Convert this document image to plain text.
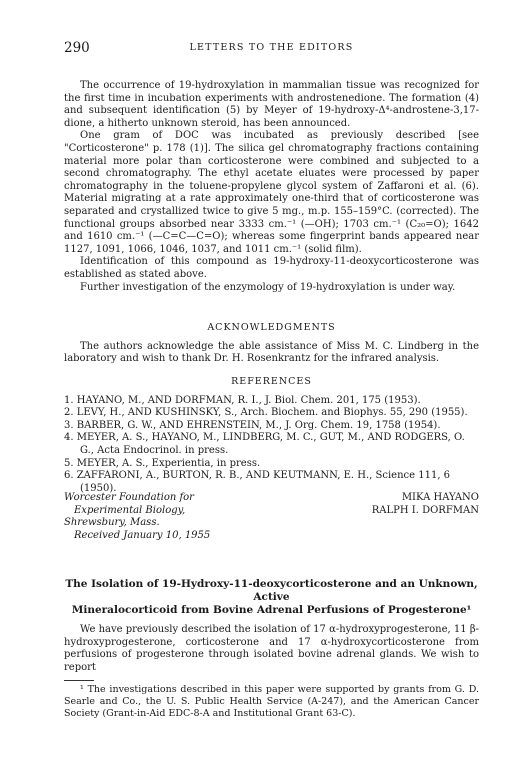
290	LETTERS TO THE EDITORS

The occurrence of 19-hydroxylation in mammalian tissue was recognized for the first time in incubation experiments with androstenedione. The formation (4) and subsequent identification (5) by Meyer of 19-hydroxy-Δ⁴-androstene-3,17-dione, a hitherto unknown steroid, has been announced.

One gram of DOC was incubated as previously described [see "Corticosterone" p. 178 (1)]. The silica gel chromatography fractions containing material more polar than corticosterone were combined and subjected to a second chromatography. The ethyl acetate eluates were processed by paper chromatography in the toluene-propylene glycol system of Zaffaroni et al. (6). Material migrating at a rate approximately one-third that of corticosterone was separated and crystallized twice to give 5 mg., m.p. 155–159°C. (corrected). The functional groups absorbed near 3333 cm.⁻¹ (—OH); 1703 cm.⁻¹ (C₂₀=O); 1642 and 1610 cm.⁻¹ (—C=C—C=O); whereas some fingerprint bands appeared near 1127, 1091, 1066, 1046, 1037, and 1011 cm.⁻¹ (solid film).

Identification of this compound as 19-hydroxy-11-deoxycorticosterone was established as stated above.

Further investigation of the enzymology of 19-hydroxylation is under way.

ACKNOWLEDGMENTS

The authors acknowledge the able assistance of Miss M. C. Lindberg in the laboratory and wish to thank Dr. H. Rosenkrantz for the infrared analysis.

REFERENCES

1. HAYANO, M., AND DORFMAN, R. I., J. Biol. Chem. 201, 175 (1953).
2. LEVY, H., AND KUSHINSKY, S., Arch. Biochem. and Biophys. 55, 290 (1955).
3. BARBER, G. W., AND EHRENSTEIN, M., J. Org. Chem. 19, 1758 (1954).
4. MEYER, A. S., HAYANO, M., LINDBERG, M. C., GUT, M., AND RODGERS, O. G., Acta Endocrinol. in press.
5. MEYER, A. S., Experientia, in press.
6. ZAFFARONI, A., BURTON, R. B., AND KEUTMANN, E. H., Science 111, 6 (1950).
Worcester Foundation for	MIKA HAYANO
Experimental Biology,	RALPH I. DORFMAN
Shrewsbury, Mass.
Received January 10, 1955

The Isolation of 19-Hydroxy-11-deoxycorticosterone and an Unknown, Active

Mineralocorticoid from Bovine Adrenal Perfusions of Progesterone¹

We have previously described the isolation of 17 α-hydroxyprogesterone, 11 β-hydroxyprogesterone, corticosterone and 17 α-hydroxycorticosterone from perfusions of progesterone through isolated bovine adrenal glands. We wish to report

¹ The investigations described in this paper were supported by grants from G. D. Searle and Co., the U. S. Public Health Service (A-247), and the American Cancer Society (Grant-in-Aid EDC-8-A and Institutional Grant 63-C).
